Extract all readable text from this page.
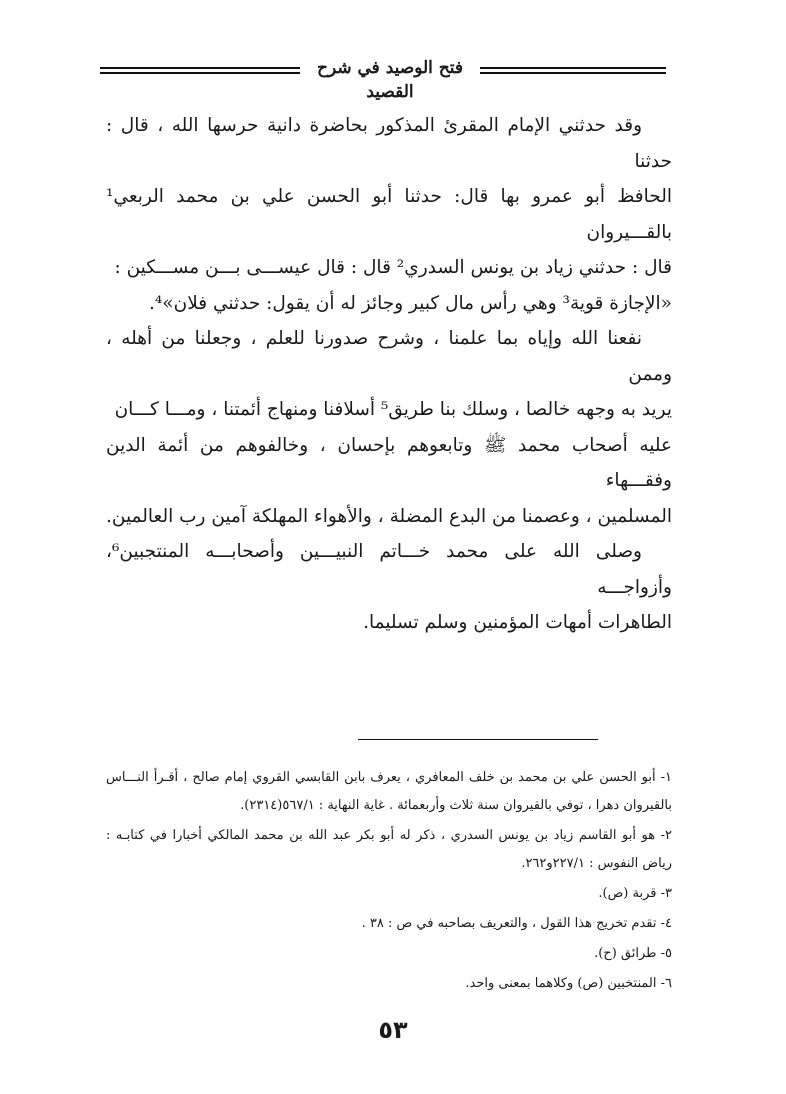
فتح الوصيد في شرح القصيد

وقد حدثني الإمام المقرئ المذكور بحاضرة دانية حرسها الله ، قال : حدثنا

الحافظ أبو عمرو بها قال: حدثنا أبو الحسن علي بن محمد الربعي¹ بالقـــيروان

قال : حدثني زياد بن يونس السدري² قال : قال عيســـى بـــن مســـكين :

«الإجازة قوية³ وهي رأس مال كبير وجائز له أن يقول: حدثني فلان»⁴.

نفعنا الله وإياه بما علمنا ، وشرح صدورنا للعلم ، وجعلنا من أهله ، وممن

يريد به وجهه خالصا ، وسلك بنا طريق⁵ أسلافنا ومنهاج أئمتنا ، ومـــا كـــان

عليه أصحاب محمد ﷺ وتابعوهم بإحسان ، وخالفوهم من أئمة الدين وفقـــهاء

المسلمين ، وعصمنا من البدع المضلة ، والأهواء المهلكة آمين رب العالمين.

وصلى الله على محمد خـــاتم النبيـــين وأصحابـــه المنتجبين⁶، وأزواجـــه

الطاهرات أمهات المؤمنين وسلم تسليما.

١- أبو الحسن علي بن محمد بن خلف المعافري ، يعرف بابن القابسي القروي إمام صالح ، أقـرأ النـــاس بالقيروان دهرا ، توفي بالقيروان سنة ثلاث وأربعمائة . غاية النهاية : ٥٦٧/١(٢٣١٤).

٢- هو أبو القاسم زياد بن يونس السدري ، ذكر له أبو بكر عبد الله بن محمد المالكي أخبارا في كتابـه : رياض النفوس : ٢٢٧/١و٢٦٢.

٣- قربة (ص).

٤- تقدم تخريج هذا القول ، والتعريف بصاحبه في ص : ٣٨ .

٥- طرائق (ح).

٦- المنتخبين (ص) وكلاهما بمعنى واحد.

٥٣
